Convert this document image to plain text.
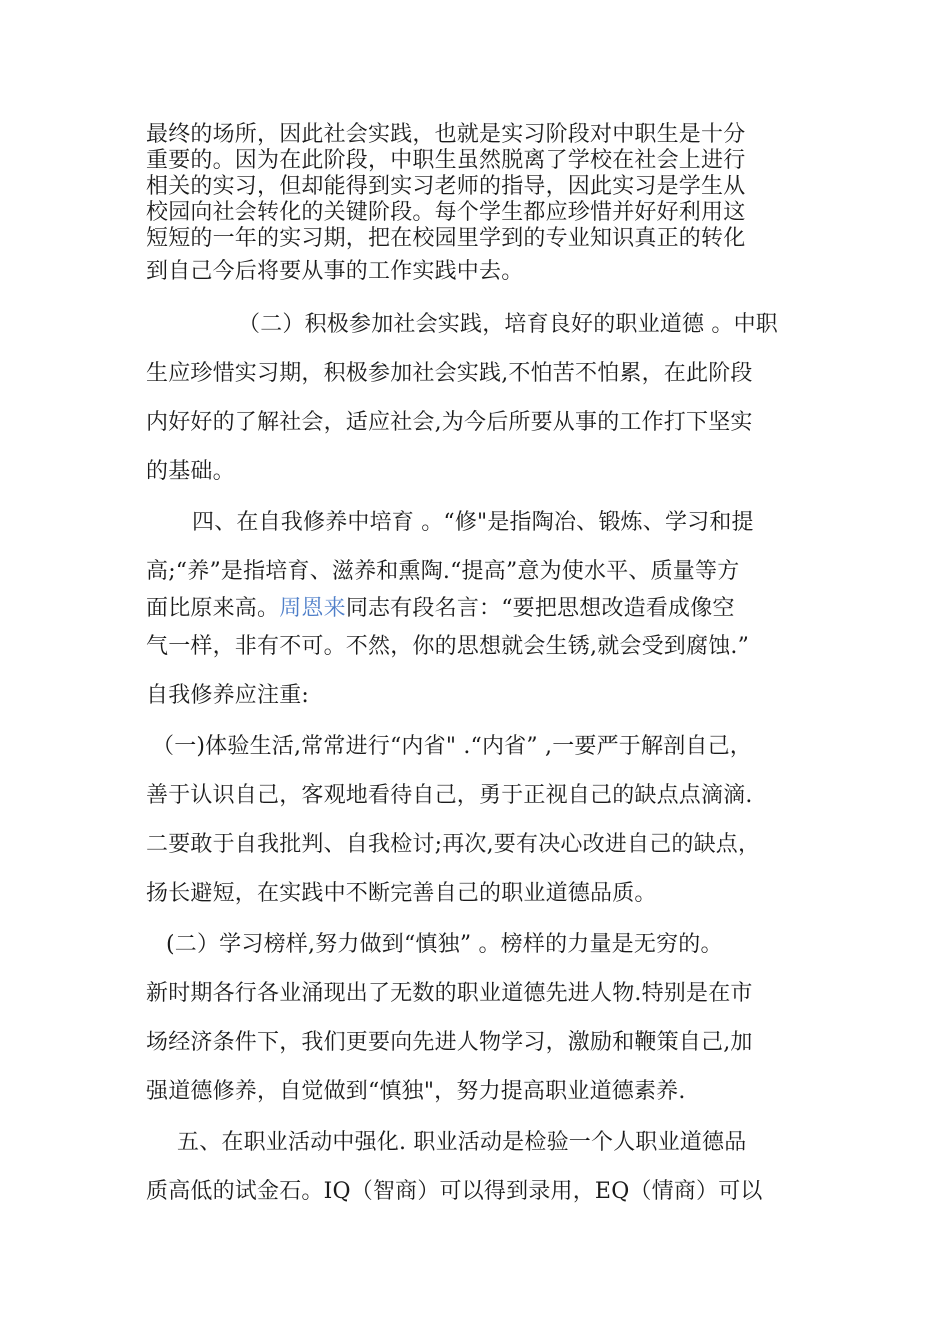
最终的场所，因此社会实践，也就是实习阶段对中职生是十分
重要的。因为在此阶段，中职生虽然脱离了学校在社会上进行
相关的实习，但却能得到实习老师的指导，因此实习是学生从
校园向社会转化的关键阶段。每个学生都应珍惜并好好利用这
短短的一年的实习期，把在校园里学到的专业知识真正的转化
到自己今后将要从事的工作实践中去。
（二）积极参加社会实践，培育良好的职业道德 。中职
生应珍惜实习期，积极参加社会实践,不怕苦不怕累，在此阶段
内好好的了解社会，适应社会,为今后所要从事的工作打下坚实
的基础。
四、在自我修养中培育 。“修"是指陶冶、锻炼、学习和提
高;“养”是指培育、滋养和熏陶.“提高”意为使水平、质量等方
面比原来高。周恩来同志有段名言：“要把思想改造看成像空
气一样，非有不可。不然，你的思想就会生锈,就会受到腐蚀.”
自我修养应注重:
（一)体验生活,常常进行“内省" .“内省” ,一要严于解剖自己，
善于认识自己，客观地看待自己，勇于正视自己的缺点点滴滴.
二要敢于自我批判、自我检讨;再次,要有决心改进自己的缺点，
扬长避短，在实践中不断完善自己的职业道德品质。
(二）学习榜样,努力做到“慎独” 。榜样的力量是无穷的。
新时期各行各业涌现出了无数的职业道德先进人物.特别是在市
场经济条件下，我们更要向先进人物学习，激励和鞭策自己,加
强道德修养，自觉做到“慎独"，努力提高职业道德素养.
五、在职业活动中强化. 职业活动是检验一个人职业道德品
质高低的试金石。IQ（智商）可以得到录用，EQ（情商）可以
